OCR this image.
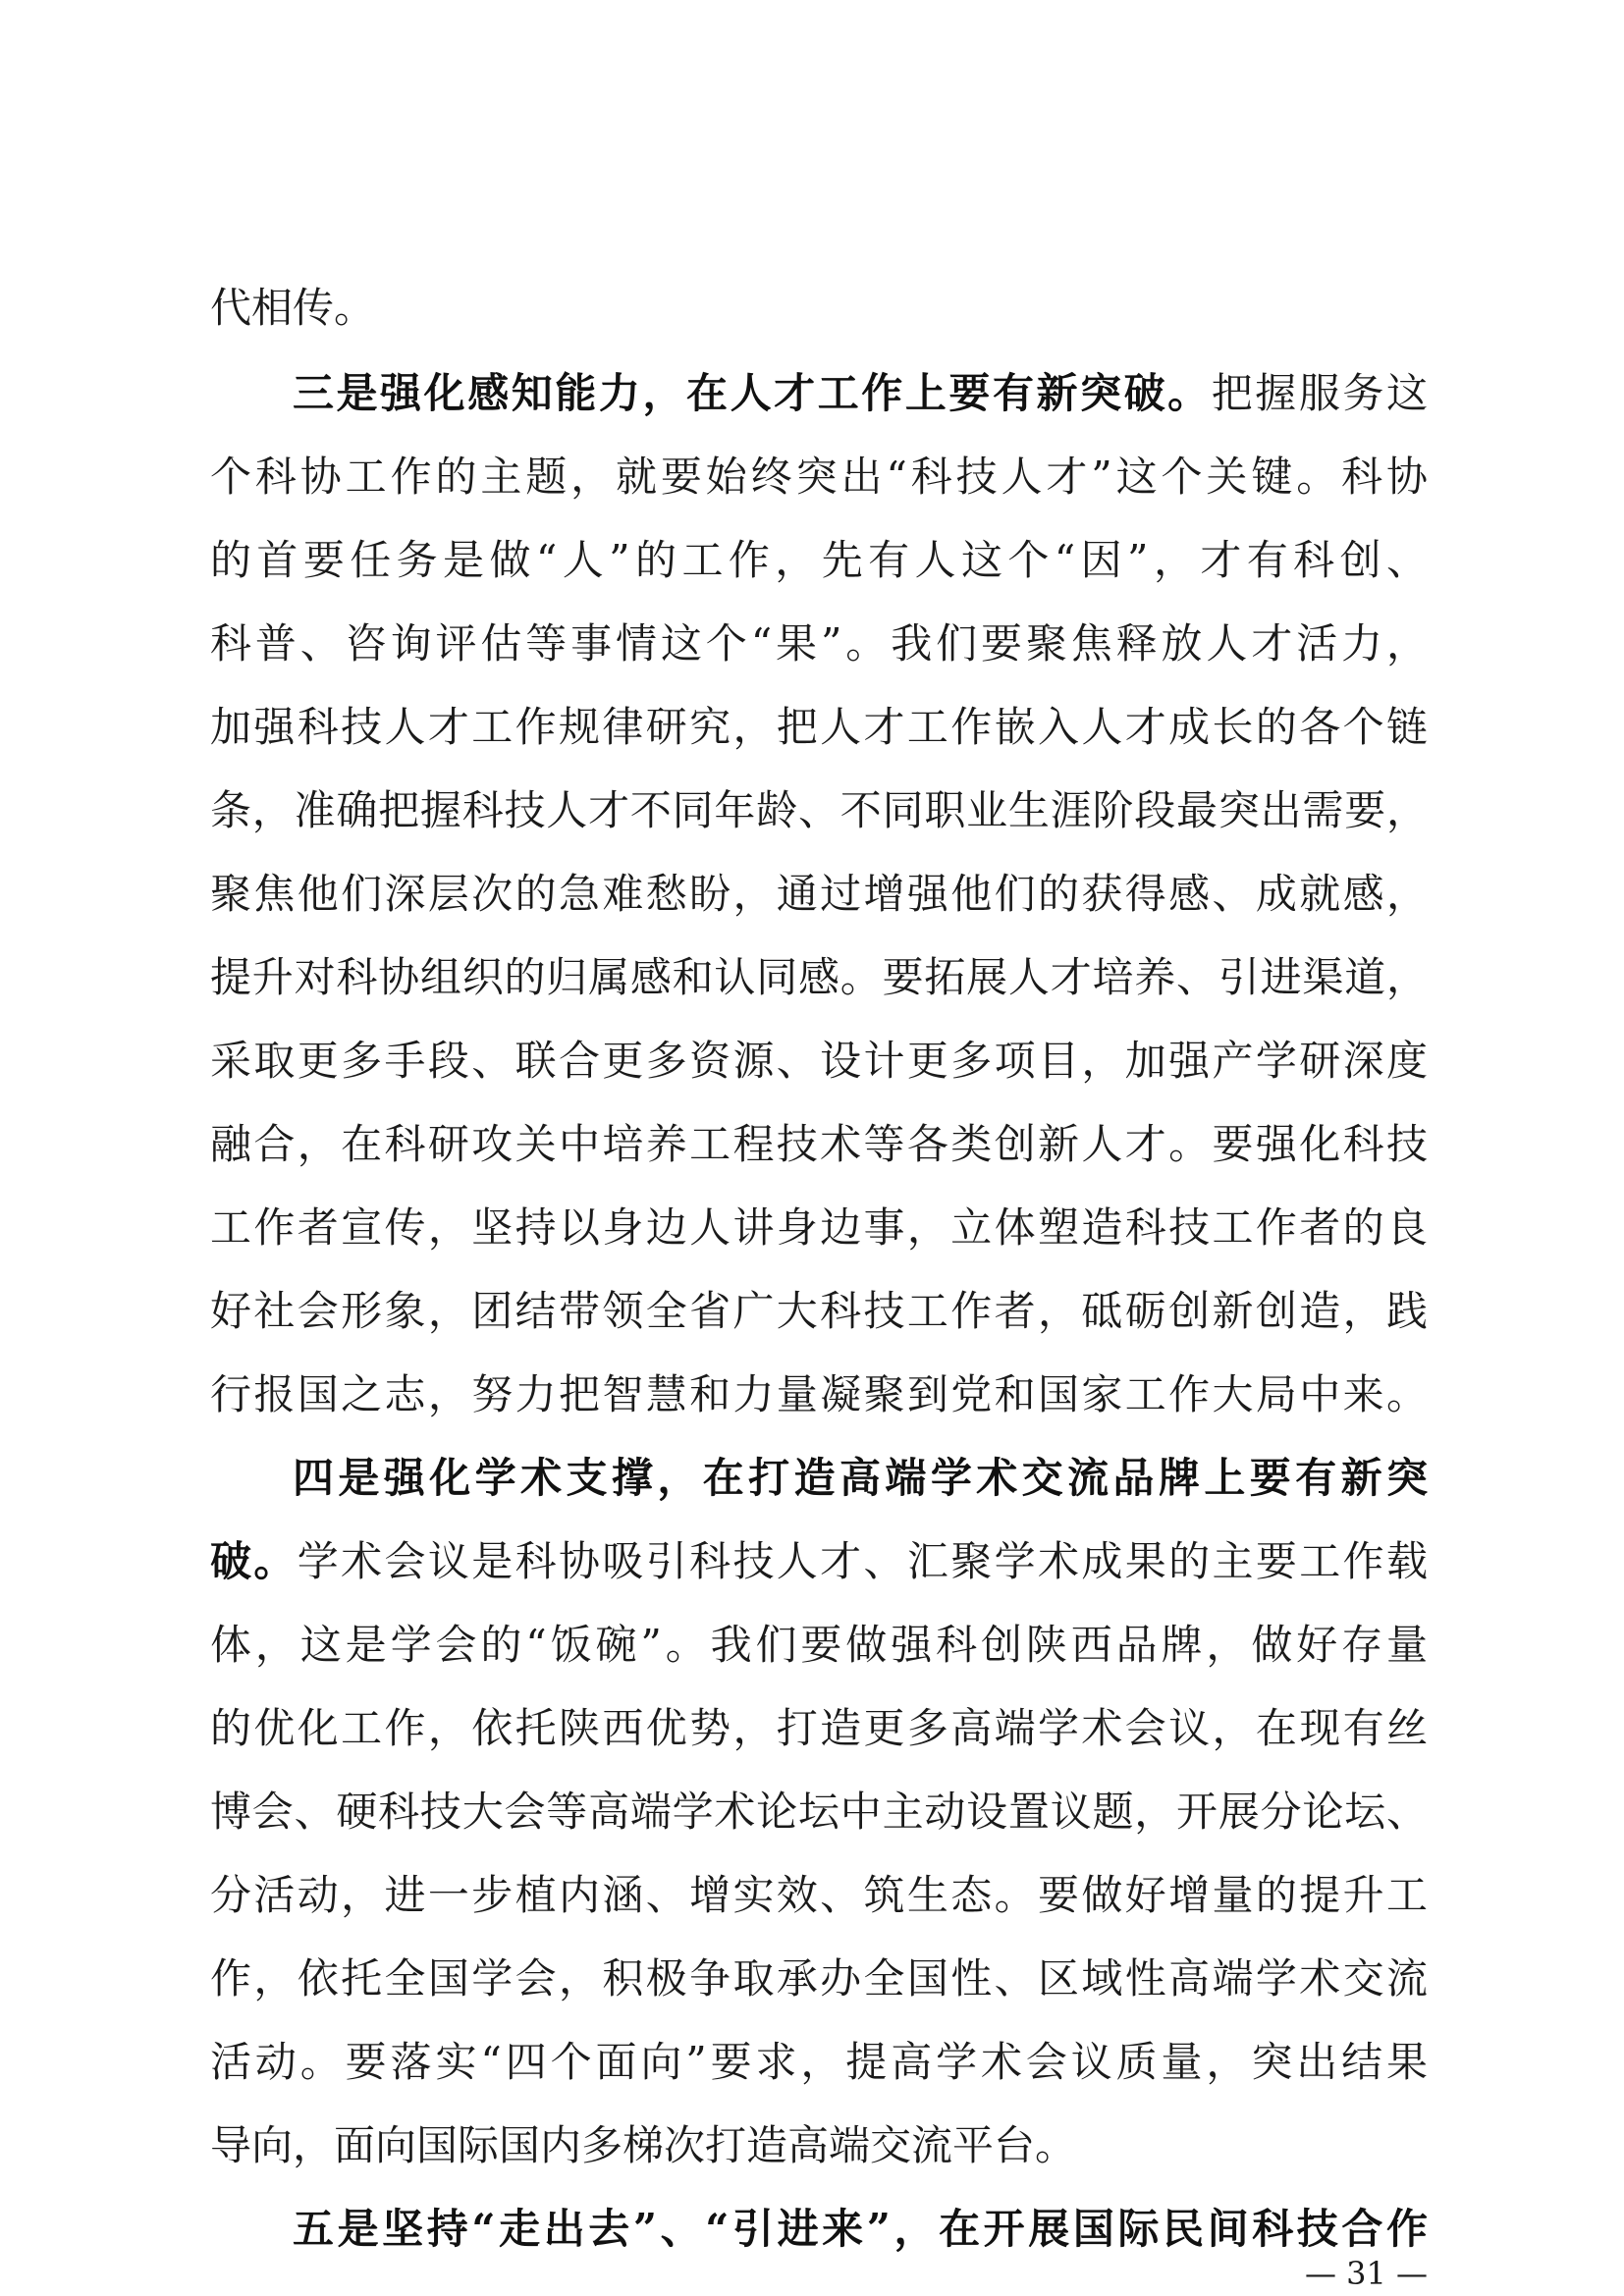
代相传。
三是强化感知能力，在人才工作上要有新突破。把握服务这
个科协工作的主题，就要始终突出“科技人才”这个关键。科协
的首要任务是做“人”的工作，先有人这个“因”，才有科创、
科普、咨询评估等事情这个“果”。我们要聚焦释放人才活力，
加强科技人才工作规律研究，把人才工作嵌入人才成长的各个链
条，准确把握科技人才不同年龄、不同职业生涯阶段最突出需要，
聚焦他们深层次的急难愁盼，通过增强他们的获得感、成就感，
提升对科协组织的归属感和认同感。要拓展人才培养、引进渠道，
采取更多手段、联合更多资源、设计更多项目，加强产学研深度
融合，在科研攻关中培养工程技术等各类创新人才。要强化科技
工作者宣传，坚持以身边人讲身边事，立体塑造科技工作者的良
好社会形象，团结带领全省广大科技工作者，砥砺创新创造，践
行报国之志，努力把智慧和力量凝聚到党和国家工作大局中来。
四是强化学术支撑，在打造高端学术交流品牌上要有新突
破。学术会议是科协吸引科技人才、汇聚学术成果的主要工作载
体，这是学会的“饭碗”。我们要做强科创陕西品牌，做好存量
的优化工作，依托陕西优势，打造更多高端学术会议，在现有丝
博会、硬科技大会等高端学术论坛中主动设置议题，开展分论坛、
分活动，进一步植内涵、增实效、筑生态。要做好增量的提升工
作，依托全国学会，积极争取承办全国性、区域性高端学术交流
活动。要落实“四个面向”要求，提高学术会议质量，突出结果
导向，面向国际国内多梯次打造高端交流平台。
五是坚持“走出去”、“引进来”，在开展国际民间科技合作
— 31 —
